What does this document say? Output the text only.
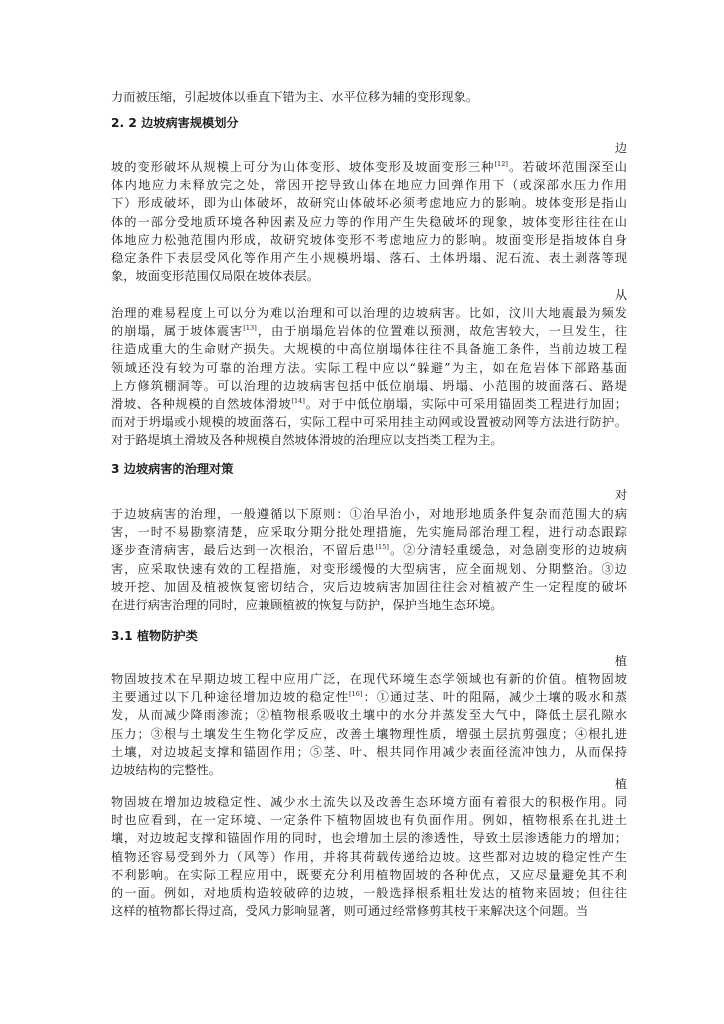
力而被压缩，引起坡体以垂直下错为主、水平位移为辅的变形现象。
2. 2 边坡病害规模划分
边
从
3 边坡病害的治理对策
对
3.1 植物防护类
植
植
坡的变形破坏从规模上可分为山体变形、坡体变形及坡面变形三种[12]。若破坏范围深至山
体内地应力未释放完之处，常因开挖导致山体在地应力回弹作用下（或深部水压力作用
下）形成破坏，即为山体破坏，故研究山体破坏必须考虑地应力的影响。坡体变形是指山
体的一部分受地质环境各种因素及应力等的作用产生失稳破坏的现象，坡体变形往往在山
体地应力松弛范围内形成，故研究坡体变形不考虑地应力的影响。坡面变形是指坡体自身
稳定条件下表层受风化等作用产生小规模坍塌、落石、土体坍塌、泥石流、表土剥落等现
象，坡面变形范围仅局限在坡体表层。
治理的难易程度上可以分为难以治理和可以治理的边坡病害。比如，汶川大地震最为频发
的崩塌，属于坡体震害[13]，由于崩塌危岩体的位置难以预测，故危害较大，一旦发生，往
往造成重大的生命财产损失。大规模的中高位崩塌体往往不具备施工条件，当前边坡工程
领域还没有较为可靠的治理方法。实际工程中应以“躲避”为主，如在危岩体下部路基面
上方修筑棚洞等。可以治理的边坡病害包括中低位崩塌、坍塌、小范围的坡面落石、路堤
滑坡、各种规模的自然坡体滑坡[14]。对于中低位崩塌，实际中可采用锚固类工程进行加固；
而对于坍塌或小规模的坡面落石，实际工程中可采用挂主动网或设置被动网等方法进行防护。
对于路堤填土滑坡及各种规模自然坡体滑坡的治理应以支挡类工程为主。
于边坡病害的治理，一般遵循以下原则：①治早治小，对地形地质条件复杂而范围大的病
害，一时不易勘察清楚，应采取分期分批处理措施，先实施局部治理工程，进行动态跟踪
逐步查清病害，最后达到一次根治，不留后患[15]。②分清轻重缓急，对急剧变形的边坡病
害，应采取快速有效的工程措施，对变形缓慢的大型病害，应全面规划、分期整治。③边
坡开挖、加固及植被恢复密切结合，灾后边坡病害加固往往会对植被产生一定程度的破坏
在进行病害治理的同时，应兼顾植被的恢复与防护，保护当地生态环境。
物固坡技术在早期边坡工程中应用广泛，在现代环境生态学领域也有新的价值。植物固坡
主要通过以下几种途径增加边坡的稳定性[16]：①通过茎、叶的阻隔，减少土壤的吸水和蒸
发，从而减少降雨渗流；②植物根系吸收土壤中的水分并蒸发至大气中，降低土层孔隙水
压力；③根与土壤发生生物化学反应，改善土壤物理性质，增强土层抗剪强度；④根扎进
土壤，对边坡起支撑和锚固作用；⑤茎、叶、根共同作用减少表面径流冲蚀力，从而保持
边坡结构的完整性。
物固坡在增加边坡稳定性、减少水土流失以及改善生态环境方面有着很大的积极作用。同
时也应看到，在一定环境、一定条件下植物固坡也有负面作用。例如，植物根系在扎进土
壤，对边坡起支撑和锚固作用的同时，也会增加土层的渗透性，导致土层渗透能力的增加；
植物还容易受到外力（风等）作用，并将其荷载传递给边坡。这些都对边坡的稳定性产生
不利影响。在实际工程应用中，既要充分利用植物固坡的各种优点，又应尽量避免其不利
的一面。例如，对地质构造较破碎的边坡，一般选择根系粗壮发达的植物来固坡；但往往
这样的植物都长得过高，受风力影响显著，则可通过经常修剪其枝干来解决这个问题。当
